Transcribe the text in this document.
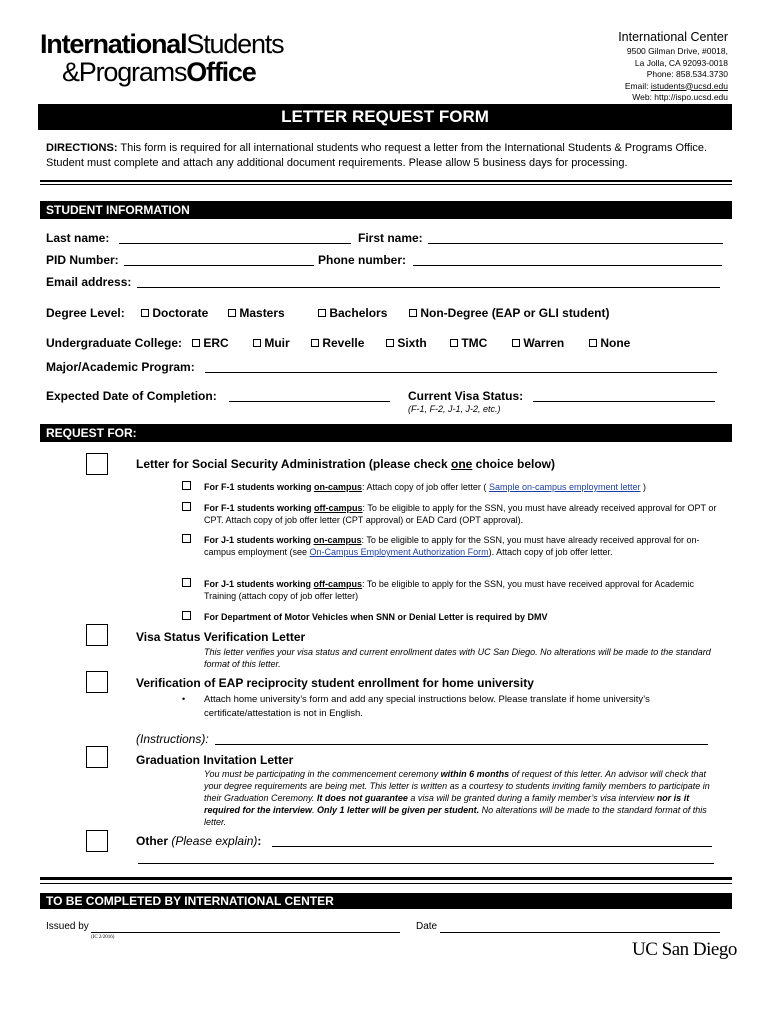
InternationalStudents
&ProgramsOffice
International Center
9500 Gilman Drive, #0018,
La Jolla, CA 92093-0018
Phone: 858.534.3730
Email: istudents@ucsd.edu
Web: http://ispo.ucsd.edu
LETTER REQUEST FORM
DIRECTIONS: This form is required for all international students who request a letter from the International Students & Programs Office. Student must complete and attach any additional document requirements. Please allow 5 business days for processing.
STUDENT INFORMATION
Last name:	First name:
PID Number:	Phone number:
Email address:
Degree Level:	Doctorate	Masters	Bachelors	Non-Degree (EAP or GLI student)
Undergraduate College:	ERC	Muir	Revelle	Sixth	TMC	Warren	None
Major/Academic Program:
Expected Date of Completion:	Current Visa Status:
(F-1, F-2, J-1, J-2, etc.)
REQUEST FOR:
Letter for Social Security Administration (please check one choice below)
For F-1 students working on-campus: Attach copy of job offer letter ( Sample on-campus employment letter )
For F-1 students working off-campus: To be eligible to apply for the SSN, you must have already received approval for OPT or CPT. Attach copy of job offer letter (CPT approval) or EAD Card (OPT approval).
For J-1 students working on-campus: To be eligible to apply for the SSN, you must have already received approval for on-campus employment (see On-Campus Employment Authorization Form). Attach copy of job offer letter.
For J-1 students working off-campus: To be eligible to apply for the SSN, you must have received approval for Academic Training (attach copy of job offer letter)
For Department of Motor Vehicles when SNN or Denial Letter is required by DMV
Visa Status Verification Letter
This letter verifies your visa status and current enrollment dates with UC San Diego. No alterations will be made to the standard format of this letter.
Verification of EAP reciprocity student enrollment for home university
• Attach home university’s form and add any special instructions below. Please translate if home university’s certificate/attestation is not in English.
(Instructions):
Graduation Invitation Letter
You must be participating in the commencement ceremony within 6 months of request of this letter. An advisor will check that your degree requirements are being met. This letter is written as a courtesy to students inviting family members to participate in their Graduation Ceremony. It does not guarantee a visa will be granted during a family member’s visa interview nor is it required for the interview. Only 1 letter will be given per student. No alterations will be made to the standard format of this letter.
Other (Please explain):
TO BE COMPLETED BY INTERNATIONAL CENTER
Issued by	Date
(IC 2/2016)
UC San Diego
